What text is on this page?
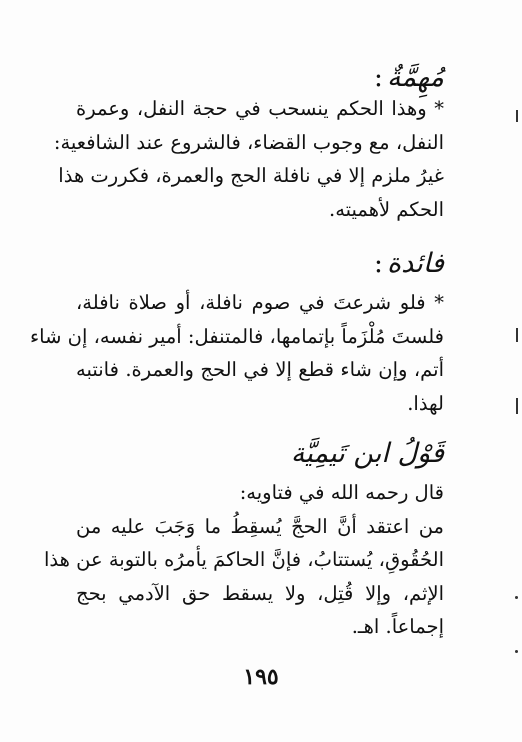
مُهِمَّةٌ:
* وهذا الحكم ينسحب في حجة النفل، وعمرة
النفل، مع وجوب القضاء، فالشروع عند الشافعية:
غيرُ ملزم إلا في نافلة الحج والعمرة، فكررت هذا
الحكم لأهميته.
فائدة:
* فلو شرعتَ في صوم نافلة، أو صلاة نافلة،
فلستَ مُلْزَماً بإتمامها، فالمتنفل: أمير نفسه، إن شاء
أتم، وإن شاء قطع إلا في الحج والعمرة. فانتبه
لهذا.
قَوْلُ ابن تَيمِيَّة
قال رحمه الله في فتاويه:
من اعتقد أنَّ الحجَّ يُسقِطُ ما وَجَبَ عليه من
الحُقُوقِ، يُستتابُ، فإنَّ الحاكمَ يأمرُه بالتوبة عن هذا
الإثم، وإلا قُتِل، ولا يسقط حق الآدمي بحج
إجماعاً. اهـ.
١٩٥
